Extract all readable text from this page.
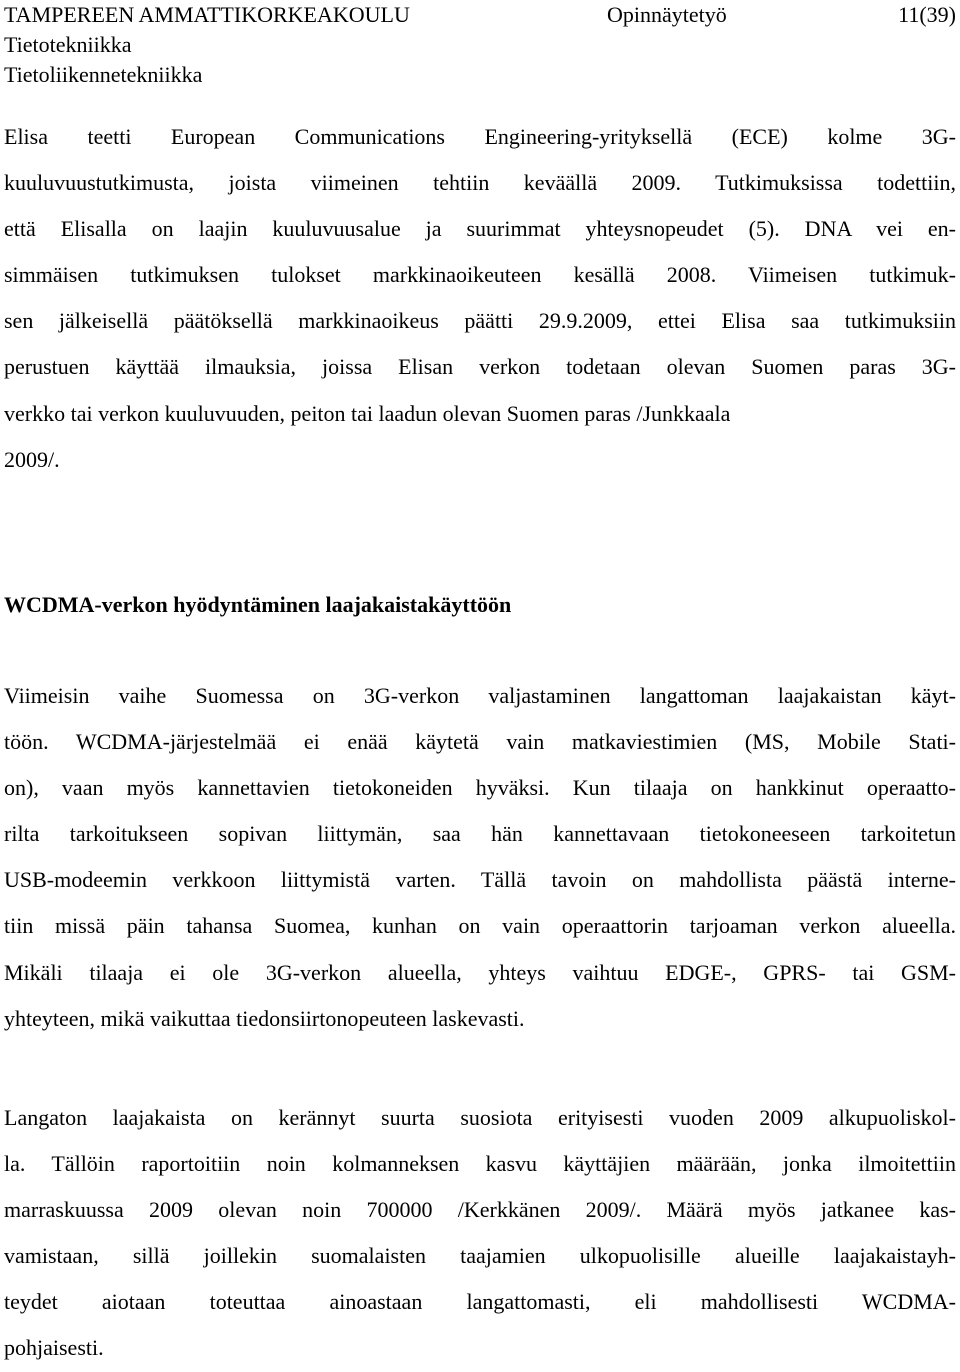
TAMPEREEN AMMATTIKORKEAKOULU	Opinnäytetyö	11(39)
Tietotekniikka
Tietoliikennetekniikka

Elisa teetti European Communications Engineering-yrityksellä (ECE) kolme 3G-
kuuluvuustutkimusta, joista viimeinen tehtiin keväällä 2009. Tutkimuksissa todettiin,
että Elisalla on laajin kuuluvuusalue ja suurimmat yhteysnopeudet (5). DNA vei en-
simmäisen tutkimuksen tulokset markkinaoikeuteen kesällä 2008. Viimeisen tutkimuk-
sen jälkeisellä päätöksellä markkinaoikeus päätti 29.9.2009, ettei Elisa saa tutkimuksiin
perustuen käyttää ilmauksia, joissa Elisan verkon todetaan olevan Suomen paras 3G-
verkko tai verkon kuuluvuuden, peiton tai laadun olevan Suomen paras /Junkkaala
2009/.

WCDMA-verkon hyödyntäminen laajakaistakäyttöön

Viimeisin vaihe Suomessa on 3G-verkon valjastaminen langattoman laajakaistan käyt-
töön. WCDMA-järjestelmää ei enää käytetä vain matkaviestimien (MS, Mobile Stati-
on), vaan myös kannettavien tietokoneiden hyväksi. Kun tilaaja on hankkinut operaatto-
rilta tarkoitukseen sopivan liittymän, saa hän kannettavaan tietokoneeseen tarkoitetun
USB-modeemin verkkoon liittymistä varten. Tällä tavoin on mahdollista päästä interne-
tiin missä päin tahansa Suomea, kunhan on vain operaattorin tarjoaman verkon alueella.
Mikäli tilaaja ei ole 3G-verkon alueella, yhteys vaihtuu EDGE-, GPRS- tai GSM-
yhteyteen, mikä vaikuttaa tiedonsiirtonopeuteen laskevasti.

Langaton laajakaista on kerännyt suurta suosiota erityisesti vuoden 2009 alkupuoliskol-
la. Tällöin raportoitiin noin kolmanneksen kasvu käyttäjien määrään, jonka ilmoitettiin
marraskuussa 2009 olevan noin 700000 /Kerkkänen 2009/. Määrä myös jatkanee kas-
vamistaan, sillä joillekin suomalaisten taajamien ulkopuolisille alueille laajakaistayh-
teydet aiotaan toteuttaa ainoastaan langattomasti, eli mahdollisesti WCDMA-
pohjaisesti.
